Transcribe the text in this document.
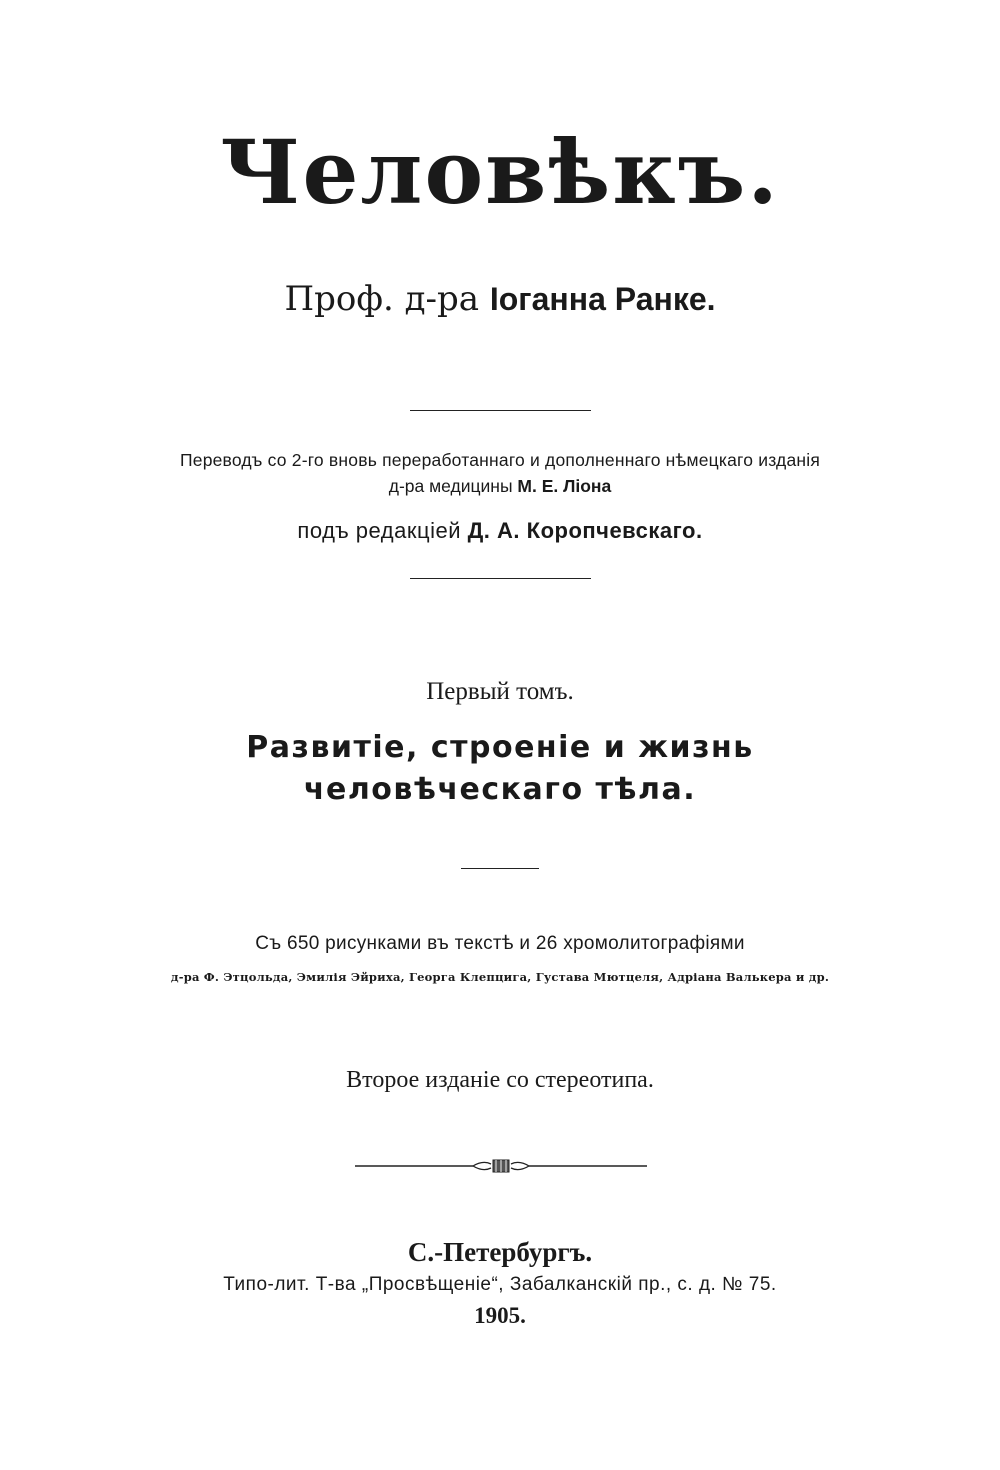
Человѣкъ.
Проф. д-ра Іоганна Ранке.
Переводъ со 2-го вновь переработаннаго и дополненнаго нѣмецкаго изданія
д-ра медицины М. Е. Ліона
подъ редакціей Д. А. Коропчевскаго.
Первый томъ.
Развитіе, строеніе и жизнь
человѣческаго тѣла.
Съ 650 рисунками въ текстѣ и 26 хромолитографіями
д-ра Ф. Этцольда, Эмилія Эйриха, Георга Клепцига, Густава Мютцеля, Адріана Валькера и др.
Второе изданіе со стереотипа.
С.-Петербургъ.
Типо-лит. Т-ва „Просвѣщеніе“, Забалканскій пр., с. д. № 75.
1905.
